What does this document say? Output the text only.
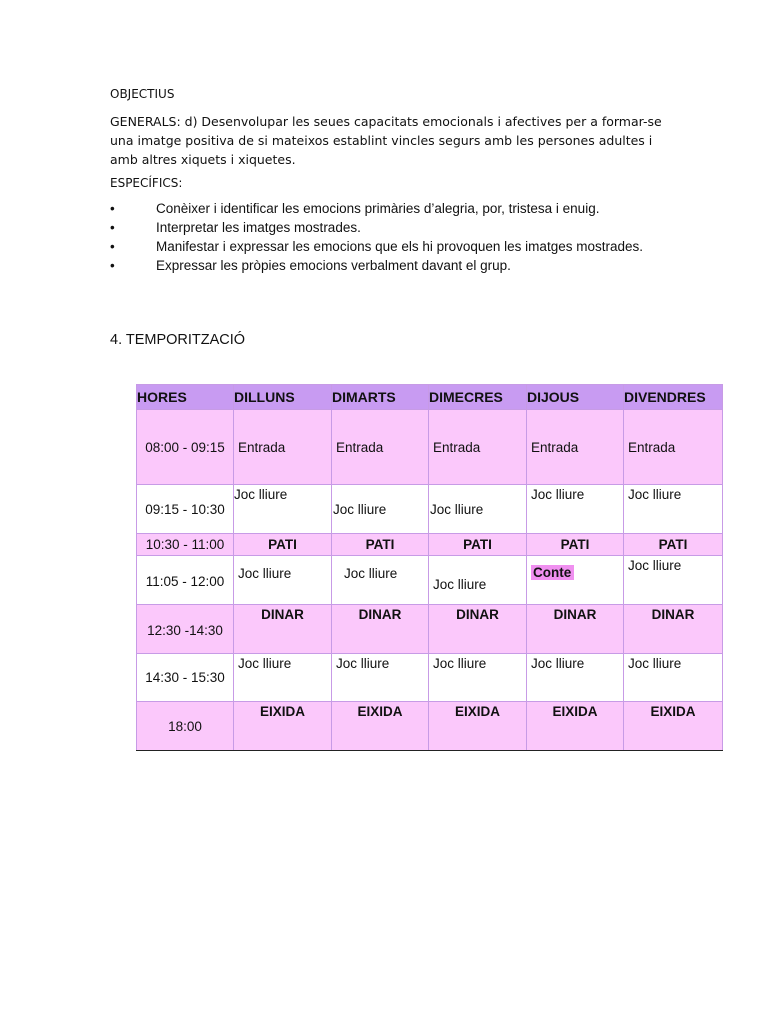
OBJECTIUS
GENERALS: d) Desenvolupar les seues capacitats emocionals i afectives per a formar-se una imatge positiva de si mateixos establint vincles segurs amb les persones adultes i amb altres xiquets i xiquetes.
ESPECÍFICS:
•	Conèixer i identificar les emocions primàries d’alegria, por, tristesa i enuig.
•	Interpretar les imatges mostrades.
•	Manifestar i expressar les emocions que els hi provoquen les imatges mostrades.
•	Expressar les pròpies emocions verbalment davant el grup.
4. TEMPORITZACIÓ
HORES	DILLUNS	DIMARTS	DIMECRES	DIJOUS	DIVENDRES
08:00 - 09:15	Entrada	Entrada	Entrada	Entrada	Entrada
09:15 - 10:30	Joc lliure	Joc lliure	Joc lliure	Joc lliure	Joc lliure
10:30 - 11:00	PATI	PATI	PATI	PATI	PATI
11:05 - 12:00	Joc lliure	Joc lliure	Joc lliure	Conte	Joc lliure
12:30 -14:30	DINAR	DINAR	DINAR	DINAR	DINAR
14:30 - 15:30	Joc lliure	Joc lliure	Joc lliure	Joc lliure	Joc lliure
18:00	EIXIDA	EIXIDA	EIXIDA	EIXIDA	EIXIDA
